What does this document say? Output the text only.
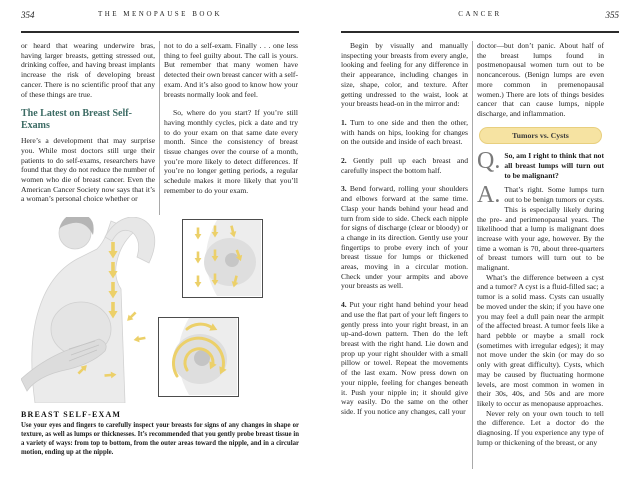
354	THE MENOPAUSE BOOK

or heard that wearing underwire bras, having larger breasts, getting stressed out, drinking coffee, and having breast implants increase the risk of developing breast cancer. There is no scientific proof that any of these things are true.

The Latest on Breast Self-Exams

Here’s a development that may surprise you. While most doctors still urge their patients to do self-exams, researchers have found that they do not reduce the number of women who die of breast cancer. Even the American Cancer Society now says that it’s a woman’s personal choice whether or

not to do a self-exam. Finally . . . one less thing to feel guilty about. The call is yours. But remember that many women have detected their own breast cancer with a self-exam. And it’s also good to know how your breasts normally look and feel.

So, where do you start? If you’re still having monthly cycles, pick a date and try to do your exam on that same date every month. Since the consistency of breast tissue changes over the course of a month, you’re more likely to detect differences. If you’re no longer getting periods, a regular schedule makes it more likely that you’ll remember to do your exam.

BREAST SELF-EXAM

Use your eyes and fingers to carefully inspect your breasts for signs of any changes in shape or texture, as well as lumps or thicknesses. It’s recommended that you gently probe breast tissue in a variety of ways: from top to bottom, from the outer areas toward the nipple, and in a circular motion, ending up at the nipple.

CANCER	355

Begin by visually and manually inspecting your breasts from every angle, looking and feeling for any difference in their appearance, including changes in size, shape, color, and texture. After getting undressed to the waist, look at your breasts head-on in the mirror and:

1. Turn to one side and then the other, with hands on hips, looking for changes on the outside and inside of each breast.

2. Gently pull up each breast and carefully inspect the bottom half.

3. Bend forward, rolling your shoulders and elbows forward at the same time. Clasp your hands behind your head and turn from side to side. Check each nipple for signs of discharge (clear or bloody) or a change in its direction. Gently use your fingertips to probe every inch of your breast tissue for lumps or thickened areas, moving in a circular motion. Check under your armpits and above your breasts as well.

4. Put your right hand behind your head and use the flat part of your left fingers to gently press into your right breast, in an up-and-down pattern. Then do the left breast with the right hand. Lie down and prop up your right shoulder with a small pillow or towel. Repeat the movements of the last exam. Now press down on your nipple, feeling for changes beneath it. Push your nipple in; it should give way easily. Do the same on the other side. If you notice any changes, call your

doctor—but don’t panic. About half of the breast lumps found in postmenopausal women turn out to be noncancerous. (Benign lumps are even more common in premenopausal women.) There are lots of things besides cancer that can cause lumps, nipple discharge, and inflammation.

Tumors vs. Cysts
Q. So, am I right to think that not all breast lumps will turn out to be malignant?
A. That’s right. Some lumps turn out to be benign tumors or cysts. This is especially likely during the pre- and perimenopausal years. The likelihood that a lump is malignant does increase with your age, however. By the time a woman is 70, about three-quarters of breast tumors will turn out to be malignant.

What’s the difference between a cyst and a tumor? A cyst is a fluid-filled sac; a tumor is a solid mass. Cysts can usually be moved under the skin; if you have one you may feel a dull pain near the armpit of the affected breast. A tumor feels like a hard pebble or maybe a small rock (sometimes with irregular edges); it may not move under the skin (or may do so only with great difficulty). Cysts, which may be caused by fluctuating hormone levels, are most common in women in their 30s, 40s, and 50s and are more likely to occur as menopause approaches.

Never rely on your own touch to tell the difference. Let a doctor do the diagnosing. If you experience any type of lump or thickening of the breast, or any
